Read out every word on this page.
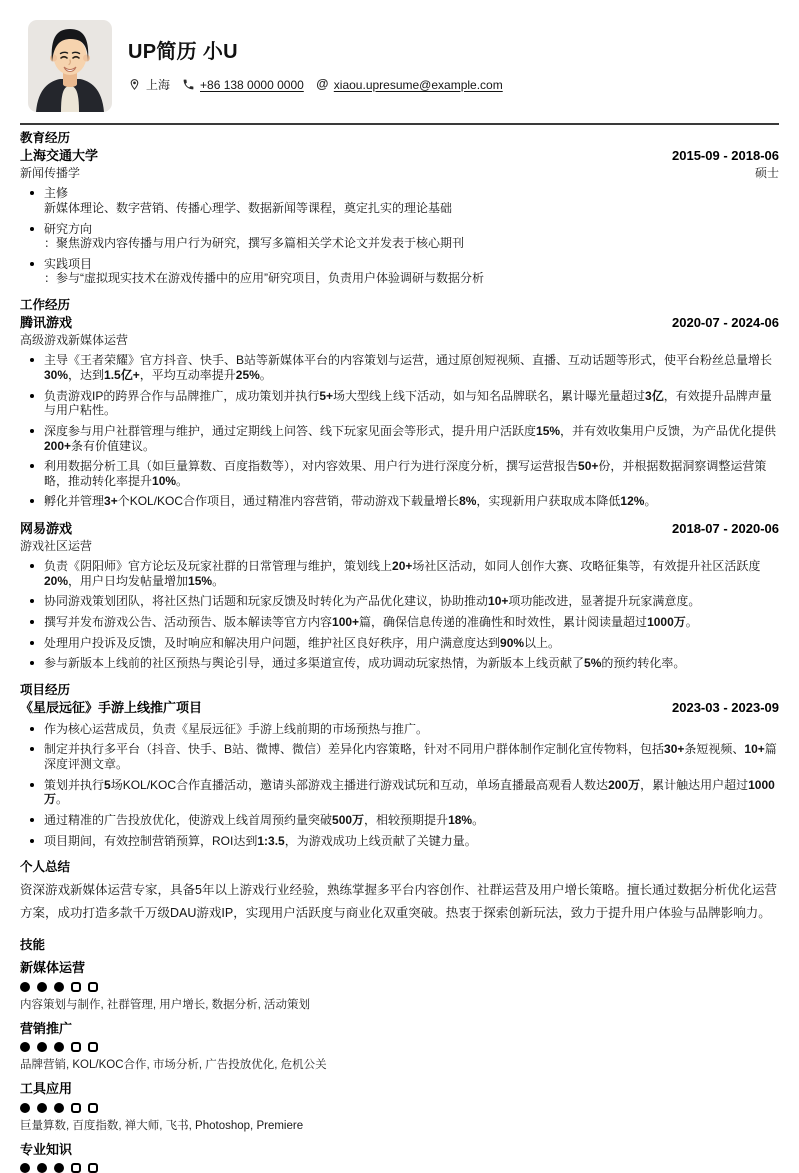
UP简历 小U
上海	+86 138 0000 0000 @ xiaou.upresume@example.com
教育经历
上海交通大学	2015-09 - 2018-06
新闻传播学	硕士
主修
新媒体理论、数字营销、传播心理学、数据新闻等课程，奠定扎实的理论基础
研究方向
：聚焦游戏内容传播与用户行为研究，撰写多篇相关学术论文并发表于核心期刊
实践项目
：参与“虚拟现实技术在游戏传播中的应用”研究项目，负责用户体验调研与数据分析
工作经历
腾讯游戏	2020-07 - 2024-06
高级游戏新媒体运营
主导《王者荣耀》官方抖音、快手、B站等新媒体平台的内容策划与运营，通过原创短视频、直播、互动话题等形式，使平台粉丝总量增长30%，达到1.5亿+，平均互动率提升25%。
负责游戏IP的跨界合作与品牌推广，成功策划并执行5+场大型线上线下活动，如与知名品牌联名，累计曝光量超过3亿，有效提升品牌声量与用户粘性。
深度参与用户社群管理与维护，通过定期线上问答、线下玩家见面会等形式，提升用户活跃度15%，并有效收集用户反馈，为产品优化提供200+条有价值建议。
利用数据分析工具（如巨量算数、百度指数等），对内容效果、用户行为进行深度分析，撰写运营报告50+份，并根据数据洞察调整运营策略，推动转化率提升10%。
孵化并管理3+个KOL/KOC合作项目，通过精准内容营销，带动游戏下载量增长8%，实现新用户获取成本降低12%。
网易游戏	2018-07 - 2020-06
游戏社区运营
负责《阴阳师》官方论坛及玩家社群的日常管理与维护，策划线上20+场社区活动，如同人创作大赛、攻略征集等，有效提升社区活跃度20%，用户日均发帖量增加15%。
协同游戏策划团队，将社区热门话题和玩家反馈及时转化为产品优化建议，协助推动10+项功能改进，显著提升玩家满意度。
撰写并发布游戏公告、活动预告、版本解读等官方内容100+篇，确保信息传递的准确性和时效性，累计阅读量超过1000万。
处理用户投诉及反馈，及时响应和解决用户问题，维护社区良好秩序，用户满意度达到90%以上。
参与新版本上线前的社区预热与舆论引导，通过多渠道宣传，成功调动玩家热情，为新版本上线贡献了5%的预约转化率。
项目经历
《星辰远征》手游上线推广项目	2023-03 - 2023-09
作为核心运营成员，负责《星辰远征》手游上线前期的市场预热与推广。
制定并执行多平台（抖音、快手、B站、微博、微信）差异化内容策略，针对不同用户群体制作定制化宣传物料，包括30+条短视频、10+篇深度评测文章。
策划并执行5场KOL/KOC合作直播活动，邀请头部游戏主播进行游戏试玩和互动，单场直播最高观看人数达200万，累计触达用户超过1000万。
通过精准的广告投放优化，使游戏上线首周预约量突破500万，相较预期提升18%。
项目期间，有效控制营销预算，ROI达到1:3.5，为游戏成功上线贡献了关键力量。
个人总结

资深游戏新媒体运营专家，具备5年以上游戏行业经验，熟练掌握多平台内容创作、社群运营及用户增长策略。擅长通过数据分析优化运营方案，成功打造多款千万级DAU游戏IP，实现用户活跃度与商业化双重突破。热衷于探索创新玩法，致力于提升用户体验与品牌影响力。

技能
新媒体运营
内容策划与制作, 社群管理, 用户增长, 数据分析, 活动策划
营销推广
品牌营销, KOL/KOC合作, 市场分析, 广告投放优化, 危机公关
工具应用
巨量算数, 百度指数, 禅大师, 飞书, Photoshop, Premiere
专业知识
